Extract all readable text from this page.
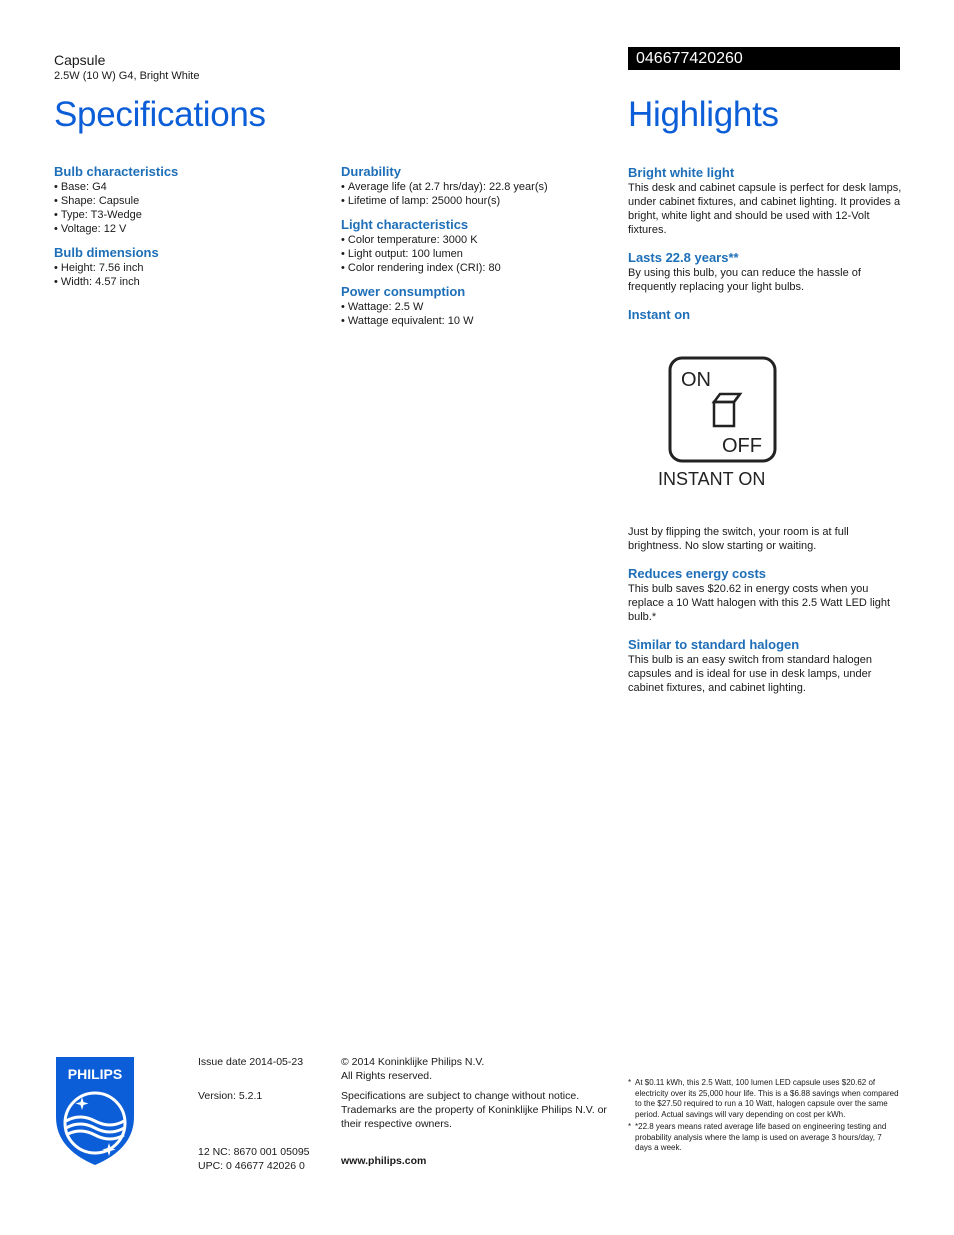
Capsule
2.5W (10 W) G4, Bright White
046677420260
Specifications	Highlights
Bulb characteristics
• Base: G4
• Shape: Capsule
• Type: T3-Wedge
• Voltage: 12 V
Bulb dimensions
• Height: 7.56 inch
• Width: 4.57 inch
Durability
• Average life (at 2.7 hrs/day): 22.8 year(s)
• Lifetime of lamp: 25000 hour(s)
Light characteristics
• Color temperature: 3000 K
• Light output: 100 lumen
• Color rendering index (CRI): 80
Power consumption
• Wattage: 2.5 W
• Wattage equivalent: 10 W
Bright white light

This desk and cabinet capsule is perfect for desk lamps, under cabinet fixtures, and cabinet lighting. It provides a bright, white light and should be used with 12-Volt fixtures.

Lasts 22.8 years**

By using this bulb, you can reduce the hassle of frequently replacing your light bulbs.

Instant on
ON
OFF
INSTANT ON

Just by flipping the switch, your room is at full brightness. No slow starting or waiting.

Reduces energy costs

This bulb saves $20.62 in energy costs when you replace a 10 Watt halogen with this 2.5 Watt LED light bulb.*

Similar to standard halogen

This bulb is an easy switch from standard halogen capsules and is ideal for use in desk lamps, under cabinet fixtures, and cabinet lighting.

PHILIPS
Issue date 2014-05-23
Version: 5.2.1
12 NC: 8670 001 05095
UPC: 0 46677 42026 0
© 2014 Koninklijke Philips N.V.
All Rights reserved.
Specifications are subject to change without notice. Trademarks are the property of Koninklijke Philips N.V. or their respective owners.
www.philips.com
* At $0.11 kWh, this 2.5 Watt, 100 lumen LED capsule uses $20.62 of electricity over its 25,000 hour life. This is a $6.88 savings when compared to the $27.50 required to run a 10 Watt, halogen capsule over the same period. Actual savings will vary depending on cost per kWh.
* *22.8 years means rated average life based on engineering testing and probability analysis where the lamp is used on average 3 hours/day, 7 days a week.
